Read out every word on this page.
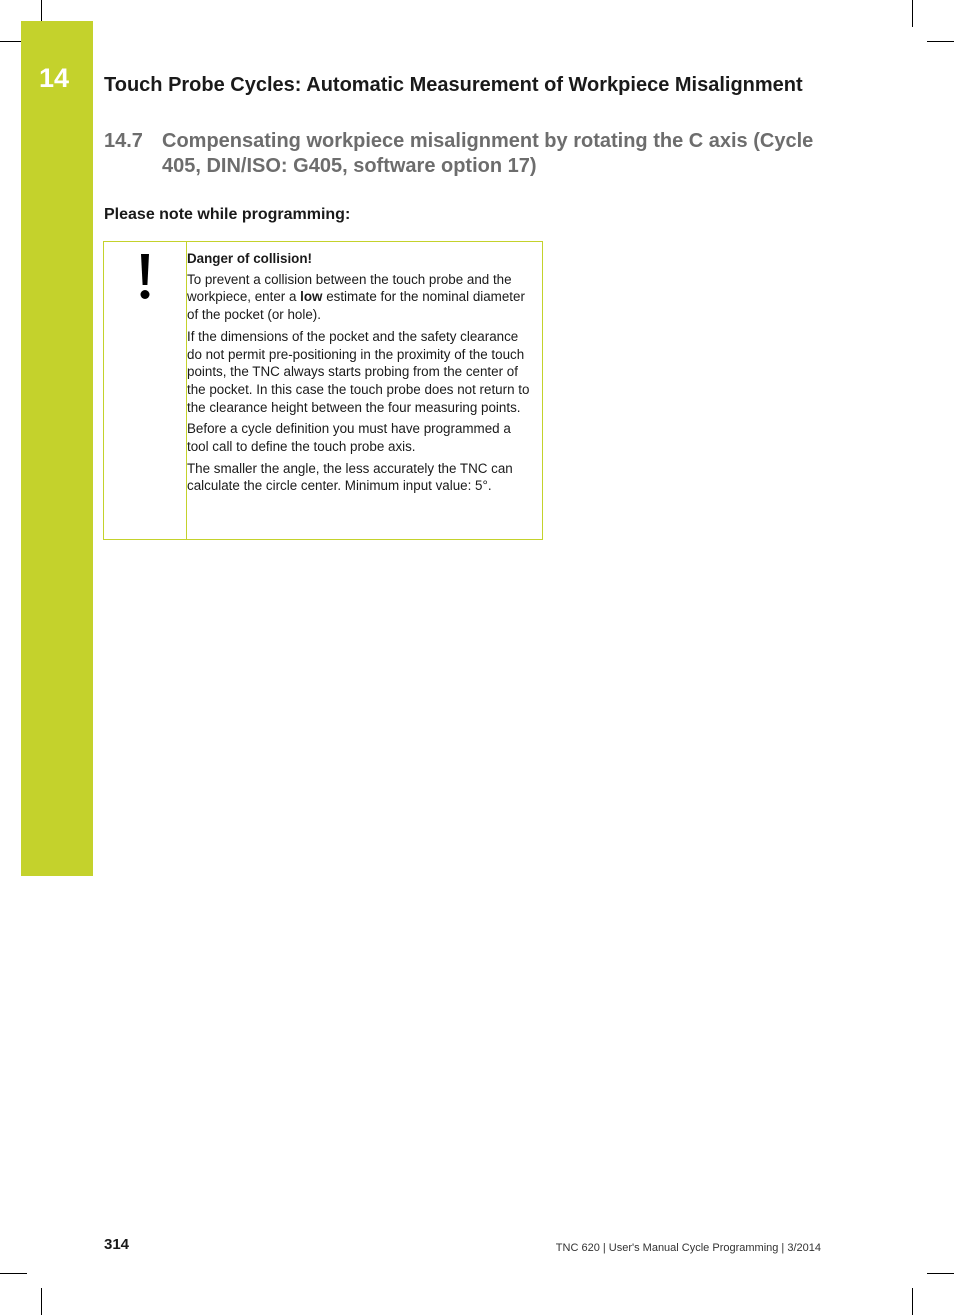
14	Touch Probe Cycles: Automatic Measurement of Workpiece Misalignment
14.7 Compensating workpiece misalignment by rotating the C axis (Cycle 405, DIN/ISO: G405, software option 17)
Please note while programming:

Danger of collision!

To prevent a collision between the touch probe and the workpiece, enter a low estimate for the nominal diameter of the pocket (or hole).

If the dimensions of the pocket and the safety clearance do not permit pre-positioning in the proximity of the touch points, the TNC always starts probing from the center of the pocket. In this case the touch probe does not return to the clearance height between the four measuring points.

Before a cycle definition you must have programmed a tool call to define the touch probe axis.

The smaller the angle, the less accurately the TNC can calculate the circle center. Minimum input value: 5°.

314	TNC 620 | User's Manual Cycle Programming | 3/2014
